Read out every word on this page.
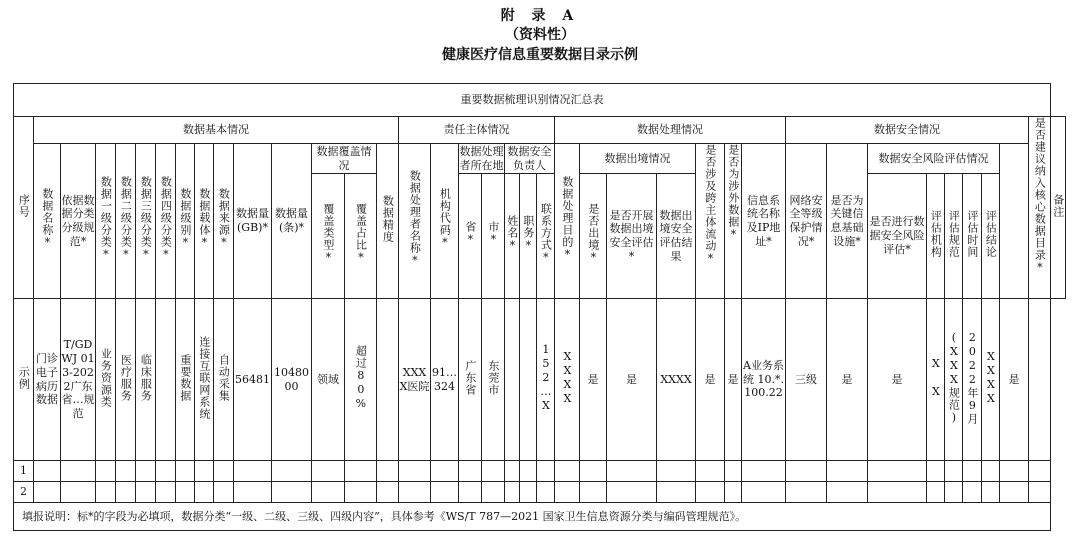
附 录 A
（资料性）
健康医疗信息重要数据目录示例
重要数据梳理识别情况汇总表																																						
序号	数据基本情况														责任主体情况							数据处理情况							数据安全情况								是否建议纳入核心数据目录*	备注
	数据名称*	依据数据分类分级规范*	数据一级分类*	数据二级分类*	数据三级分类*	数据四级分类*	数据级别*	数据载体*	数据来源*	数据量(GB)*	数据量(条)*	数据覆盖情况		数据精度	数据处理者名称*	机构代码*	数据处理者所在地		数据安全负责人			数据处理目的*	数据出境情况			是否涉及跨主体流动*	是否为涉外数据*	信息系统名称及IP地址*	网络安全等级保护情况*	是否为关键信息基础设施*	数据安全风险评估情况							
												覆盖类型*	覆盖占比*				省*	市*	姓名*	职务*	联系方式*		是否出境*	是否开展数据出境安全评估*	数据出境安全评估结果						是否进行数据安全风险评估*	评估机构	评估规范	评估时间	评估结论			

示例	门诊电子病历数据	T/GDWJ 013-2022广东省…规范	业务资源类	医疗服务	临床服务		重要数据	连接互联网系统	自动采集	56481	1048000	领域	超过80%		XXXX医院	91…324	广东省	东莞市			152…X	XXXX	是	是	XXXX	是	是	A业务系统 10.*.100.22	三级	是	是	X X	(XXX规范)	2022年9月	XXXX	是		
1																																						
2																																						
填报说明：标*的字段为必填项，数据分类“一级、二级、三级、四级内容”，具体参考《WS/T 787—2021 国家卫生信息资源分类与编码管理规范》。																																						
